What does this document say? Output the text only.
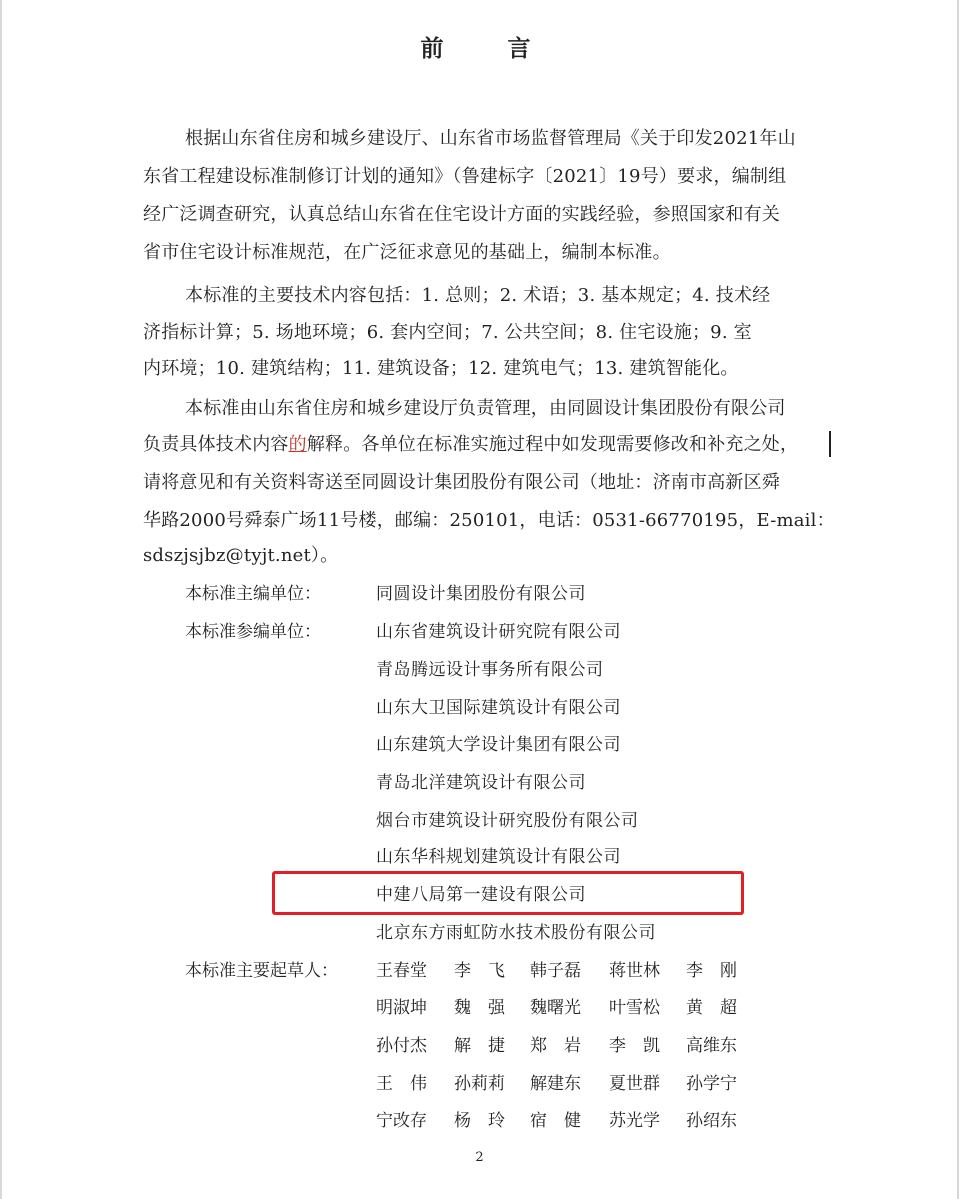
前 言
根据山东省住房和城乡建设厅、山东省市场监督管理局《关于印发2021年山
东省工程建设标准制修订计划的通知》（鲁建标字〔2021〕19号）要求，编制组
经广泛调查研究，认真总结山东省在住宅设计方面的实践经验，参照国家和有关
省市住宅设计标准规范，在广泛征求意见的基础上，编制本标准。
本标准的主要技术内容包括：1. 总则；2. 术语；3. 基本规定；4. 技术经
济指标计算；5. 场地环境；6. 套内空间；7. 公共空间；8. 住宅设施；9. 室
内环境；10. 建筑结构；11. 建筑设备；12. 建筑电气；13. 建筑智能化。
本标准由山东省住房和城乡建设厅负责管理，由同圆设计集团股份有限公司
负责具体技术内容的解释。各单位在标准实施过程中如发现需要修改和补充之处，
请将意见和有关资料寄送至同圆设计集团股份有限公司（地址：济南市高新区舜
华路2000号舜泰广场11号楼，邮编：250101，电话：0531-66770195，E-mail：
sdszjsjbz@tyjt.net）。
本标准主编单位：	同圆设计集团股份有限公司
本标准参编单位：	山东省建筑设计研究院有限公司
青岛腾远设计事务所有限公司
山东大卫国际建筑设计有限公司
山东建筑大学设计集团有限公司
青岛北洋建筑设计有限公司
烟台市建筑设计研究股份有限公司
山东华科规划建筑设计有限公司
中建八局第一建设有限公司
北京东方雨虹防水技术股份有限公司
本标准主要起草人： 王春堂 李　飞 韩子磊 蒋世林 李　刚
明淑坤 魏　强 魏曙光 叶雪松 黄　超
孙付杰 解　捷 郑　岩 李　凯 高维东
王　伟 孙莉莉 解建东 夏世群 孙学宁
宁改存 杨　玲 宿　健 苏光学 孙绍东
2
